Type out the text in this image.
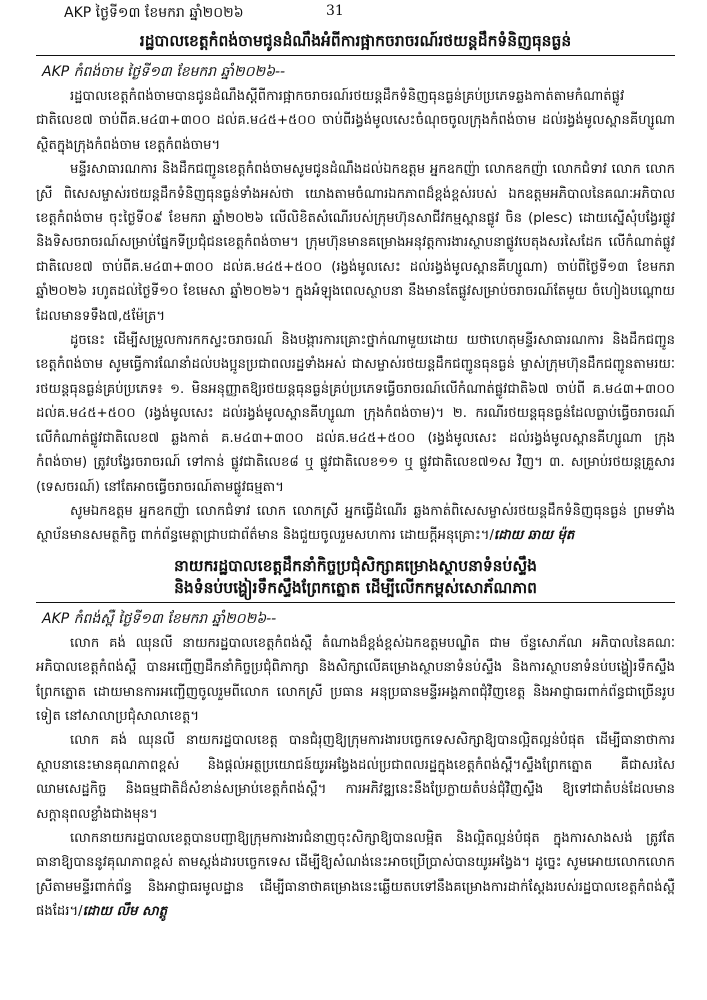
AKP ថ្ងៃទី១៣ ខែមករា ឆ្នាំ២០២៦	31
រដ្ឋបាលខេត្តកំពង់ចាមជូនដំណឹងអំពីការផ្អាកចរាចរណ៍រថយន្តដឹកទំនិញធុនធ្ងន់
AKP កំពង់ចាម ថ្ងៃទី១៣ ខែមករា ឆ្នាំ២០២៦--

រដ្ឋបាលខេត្តកំពង់ចាមបានជូនដំណឹងស្តីពីការផ្អាកចរាចរណ៍រថយន្តដឹកទំនិញធុនធ្ងន់គ្រប់ប្រភេទឆ្លងកាត់តាមកំណាត់ផ្លូវជាតិលេខ៧ ចាប់ពីគ.ម៤៣+៣០០ ដល់គ.ម៤៥+៥០០ ចាប់ពីរង្វង់មូលសេះចំណុចចូលក្រុងកំពង់ចាម ដល់រង្វង់មូលស្ពានគីហ្សូណា ស្ថិតក្នុងក្រុងកំពង់ចាម ខេត្តកំពង់ចាម។

មន្ទីរសាធារណការ និងដឹកជញ្ជូនខេត្តកំពង់ចាមសូមជូនដំណឹងដល់ឯកឧត្តម អ្នកឧកញ៉ា លោកឧកញ៉ា លោកជំទាវ លោក លោកស្រី ពិសេសម្ចាស់រថយន្តដឹកទំនិញធុនធ្ងន់ទាំងអស់ថា យោងតាមចំណារឯកភាពដ៏ខ្ពង់ខ្ពស់របស់ ឯកឧត្តមអភិបាលនៃគណៈអភិបាល ខេត្តកំពង់ចាម ចុះថ្ងៃទី០៩ ខែមករា ឆ្នាំ២០២៦ លើលិខិតសំណើរបស់ក្រុមហ៊ុនសាជីវកម្មស្ពានផ្លូវ ចិន (plesc) ដោយស្នើសុំបង្វែរផ្លូវ និងទិសចរាចរណ៍សម្រាប់ផ្នែកទីប្រជុំជនខេត្តកំពង់ចាម។ ក្រុមហ៊ុនមានគម្រោងអនុវត្តការងារស្ថាបនាផ្លូវបេតុងសរសៃដែក លើកំណាត់ផ្លូវជាតិលេខ៧ ចាប់ពីគ.ម៤៣+៣០០ ដល់គ.ម៤៥+៥០០ (រង្វង់មូលសេះ ដល់រង្វង់មូលស្ពានគីហ្សូណា) ចាប់ពីថ្ងៃទី១៣ ខែមករា ឆ្នាំ២០២៦ រហូតដល់ថ្ងៃទី១០ ខែមេសា ឆ្នាំ២០២៦។ ក្នុងអំឡុងពេលស្ថាបនា នឹងមានតែផ្លូវសម្រាប់ចរាចរណ៍តែមួយ ចំហៀងបណ្តោយ ដែលមានទទឹង៧,៥ម៉ែត្រ។

ដូចនេះ ដើម្បីសម្រួលការកកស្ទះចរាចរណ៍ និងបង្ការការគ្រោះថ្នាក់ណាមួយដោយ យថាហេតុមន្ទីរសាធារណការ និងដឹកជញ្ជូនខេត្តកំពង់ចាម សូមធ្វើការណែនាំដល់បងប្អូនប្រជាពលរដ្ឋទាំងអស់ ជាសម្ចាស់រថយន្តដឹកជញ្ជូនធុនធ្ងន់ ម្ចាស់ក្រុមហ៊ុនដឹកជញ្ជូនតាមរយៈរថយន្តធុនធ្ងន់គ្រប់ប្រភេទ៖ ១. មិនអនុញ្ញាតឱ្យរថយន្តធុនធ្ងន់គ្រប់ប្រភេទធ្វើចរាចរណ៍លើកំណាត់ផ្លូវជាតិ៦៧ ចាប់ពី គ.ម៤៣+៣០០ ដល់គ.ម៤៥+៥០០ (រង្វង់មូលសេះ ដល់រង្វង់មូលស្ពានគីហ្សូណា ក្រុងកំពង់ចាម)។ ២. ករណីរថយន្តធុនធ្ងន់ដែលធ្លាប់ធ្វើចរាចរណ៍លើកំណាត់ផ្លូវជាតិលេខ៧ ឆ្លងកាត់ គ.ម៤៣+៣០០ ដល់គ.ម៤៥+៥០០ (រង្វង់មូលសេះ ដល់រង្វង់មូលស្ពានគីហ្សូណា ក្រុងកំពង់ចាម) ត្រូវបង្វែរចរាចរណ៍ ទៅកាន់ ផ្លូវជាតិលេខ៨ ឬ ផ្លូវជាតិលេខ១១ ឬ ផ្លូវជាតិលេខ៧១ស វិញ។ ៣. សម្រាប់រថយន្តគ្រួសារ (ទេសចរណ៍) នៅតែអាចធ្វើចរាចរណ៍តាមផ្លូវធម្មតា។

សូមឯកឧត្តម អ្នកឧកញ៉ា លោកជំទាវ លោក លោកស្រី អ្នកធ្វើដំណើរ ឆ្លងកាត់ពិសេសម្ចាស់រថយន្តដឹកទំនិញធុនធ្ងន់ ព្រមទាំងស្ថាប័នមានសមត្ថកិច្ច ពាក់ព័ន្ធមេត្តាជ្រាបជាព័ត៌មាន និងជួយចូលរួមសហការ ដោយក្តីអនុគ្រោះ។/ដោយ ឆាយ ម៉ុត

នាយករដ្ឋបាលខេត្តដឹកនាំកិច្ចប្រជុំសិក្សាគម្រោងស្ថាបនាទំនប់ស្ទឹង
និងទំនប់បង្ហៀរទឹកស្ទឹងព្រែកត្នោត ដើម្បីលើកកម្ពស់សោភ័ណភាព
AKP កំពង់ស្ពឺ ថ្ងៃទី១៣ ខែមករា ឆ្នាំ២០២៦--

លោក គង់ ឈុនលី នាយករដ្ឋបាលខេត្តកំពង់ស្ពឺ តំណាងដ៏ខ្ពង់ខ្ពស់ឯកឧត្តមបណ្ឌិត ជាម ច័ន្ទសោភ័ណ អភិបាលនៃគណៈអភិបាលខេត្តកំពង់ស្ពឺ បានអញ្ជើញដឹកនាំកិច្ចប្រជុំពិភាក្សា និងសិក្សាលើគម្រោងស្ថាបនាទំនប់ស្ទឹង និងការស្ថាបនាទំនប់បង្ហៀរទឹកស្ទឹងព្រែកត្នោត ដោយមានការអញ្ជើញចូលរួមពីលោក លោកស្រី ប្រធាន អនុប្រធានមន្ទីរអង្គភាពជុំវិញខេត្ត និងអាជ្ញាធរពាក់ព័ន្ធជាច្រើនរូបទៀត នៅសាលាប្រជុំសាលាខេត្ត។

លោក គង់ ឈុនលី នាយករដ្ឋបាលខេត្ត បានជំរុញឱ្យក្រុមការងារបច្ចេកទេសសិក្សាឱ្យបានល្អិតល្អន់បំផុត ដើម្បីធានាថាការស្ថាបនានេះមានគុណភាពខ្ពស់ និងផ្តល់អត្ថប្រយោជន៍យូរអង្វែងដល់ប្រជាពលរដ្ឋក្នុងខេត្តកំពង់ស្ពឺ។ស្ទឹងព្រែកត្នោត គឺជាសរសៃឈាមសេដ្ឋកិច្ច និងធម្មជាតិដ៏សំខាន់សម្រាប់ខេត្តកំពង់ស្ពឺ។ ការអភិវឌ្ឍនេះនឹងប្រែក្លាយតំបន់ជុំវិញស្ទឹង ឱ្យទៅជាតំបន់ដែលមានសក្តានុពលខ្លាំងជាងមុន។

លោកនាយករដ្ឋបាលខេត្តបានបញ្ជាឱ្យក្រុមការងារជំនាញចុះសិក្សាឱ្យបានលម្អិត និងល្អិតល្អន់បំផុត ក្នុងការសាងសង់ ត្រូវតែធានាឱ្យបាននូវគុណភាពខ្ពស់ តាមស្តង់ដារបច្ចេកទេស ដើម្បីឱ្យសំណង់នេះអាចប្រើប្រាស់បានយូរអង្វែង។ ដូច្នេះ សូមអោយលោកលោកស្រីតាមមន្ទីរពាក់ព័ន្ធ និងអាជ្ញាធរមូលដ្ឋាន ដើម្បីធានាថាគម្រោងនេះឆ្លើយតបទៅនឹងគម្រោងការដាក់ស្តែងរបស់រដ្ឋបាលខេត្តកំពង់ស្ពឺផងដែរ។/ដោយ លឹម សាត្តូ
